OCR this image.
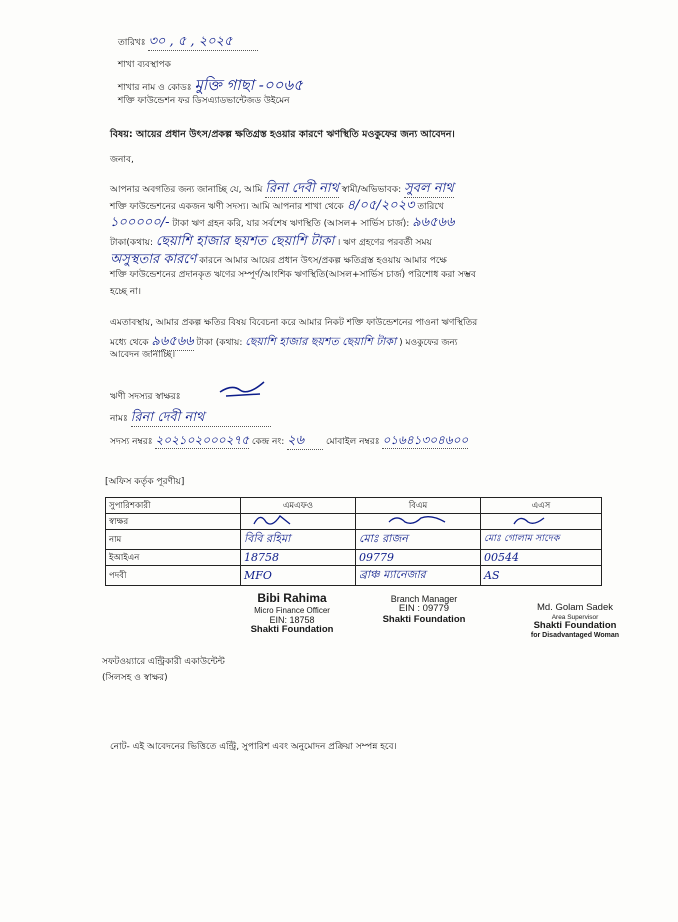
তারিখঃ ৩০ , ৫ , ২০২৫
শাখা ব্যবস্থাপক
শাখার নাম ও কোডঃ মুক্তি গাছা -০০৬৫
শক্তি ফাউন্ডেশন ফর ডিসএ্যাডভান্টেজড উইমেন
বিষয়: আয়ের প্রধান উৎস/প্রকল্প ক্ষতিগ্রস্ত হওয়ার কারণে ঋণস্থিতি মওকুফের জন্য আবেদন।
জনাব,
আপনার অবগতির জন্য জানাচ্ছি যে, আমি রিনা দেবী নাথ স্বামী/অভিভাবক: সুবল নাথ
শক্তি ফাউন্ডেশনের একজন ঋণী সদস্য। আমি আপনার শাখা থেকে ৪/০৫/২০২৩ তারিখে
১০০০০০/- টাকা ঋণ গ্রহন করি, যার সর্বশেষ ঋণস্থিতি (আসল+ সার্ভিস চার্জ): ৯৬৫৬৬
টাকা(কথায়: ছেয়াশি হাজার ছয়শত ছেয়াশি টাকা । ঋণ গ্রহণের পরবর্তী সময়
অসুস্থতার কারণে কারনে আমার আয়ের প্রধান উৎস/প্রকল্প ক্ষতিগ্রস্ত হওয়ায় আমার পক্ষে
শক্তি ফাউন্ডেশনের প্রদানকৃত ঋণের সম্পূর্ণ/আংশিক ঋণস্থিতি(আসল+সার্ভিস চার্জ) পরিশোধ করা সম্ভব
হচ্ছে না।
এমতাবস্থায়, আমার প্রকল্প ক্ষতির বিষয় বিবেচনা করে আমার নিকট শক্তি ফাউন্ডেশনের পাওনা ঋণস্থিতির
মধ্যে থেকে ৯৬৫৬৬ টাকা (কথায়: ছেয়াশি হাজার ছয়শত ছেয়াশি টাকা ) মওকুফের জন্য
আবেদন জানাচ্ছি।
ঋণী সদস্যর স্বাক্ষরঃ
নামঃ রিনা দেবী নাথ
সদস্য নম্বরঃ ২০২১০২০০০২৭৫ কেন্দ্র নং: ২৬ মোবাইল নম্বরঃ ০১৬৪১৩০৪৬০০
[অফিস কর্তৃক পূরণীয়]
সুপারিশকারী	এমএফও	বিএম	এএস
স্বাক্ষর			
নাম	বিবি রহিমা	মোঃ রাজন	মোঃ গোলাম সাদেক
ইআইএন	18758	09779	00544
পদবী	MFO	ব্রাঞ্চ ম্যানেজার	AS
Bibi Rahima
Micro Finance Officer
EIN: 18758
Shakti Foundation
Branch Manager
EIN : 09779
Shakti Foundation
Md. Golam Sadek
Area Supervisor
Shakti Foundation
for Disadvantaged Woman
সফটওয়্যারে এন্ট্রিকারী একাউন্টেন্ট
(সিলসহ ও স্বাক্ষর)
নোট- এই আবেদনের ভিত্তিতে এন্ট্রি, সুপারিশ এবং অনুমোদন প্রক্রিয়া সম্পন্ন হবে।
